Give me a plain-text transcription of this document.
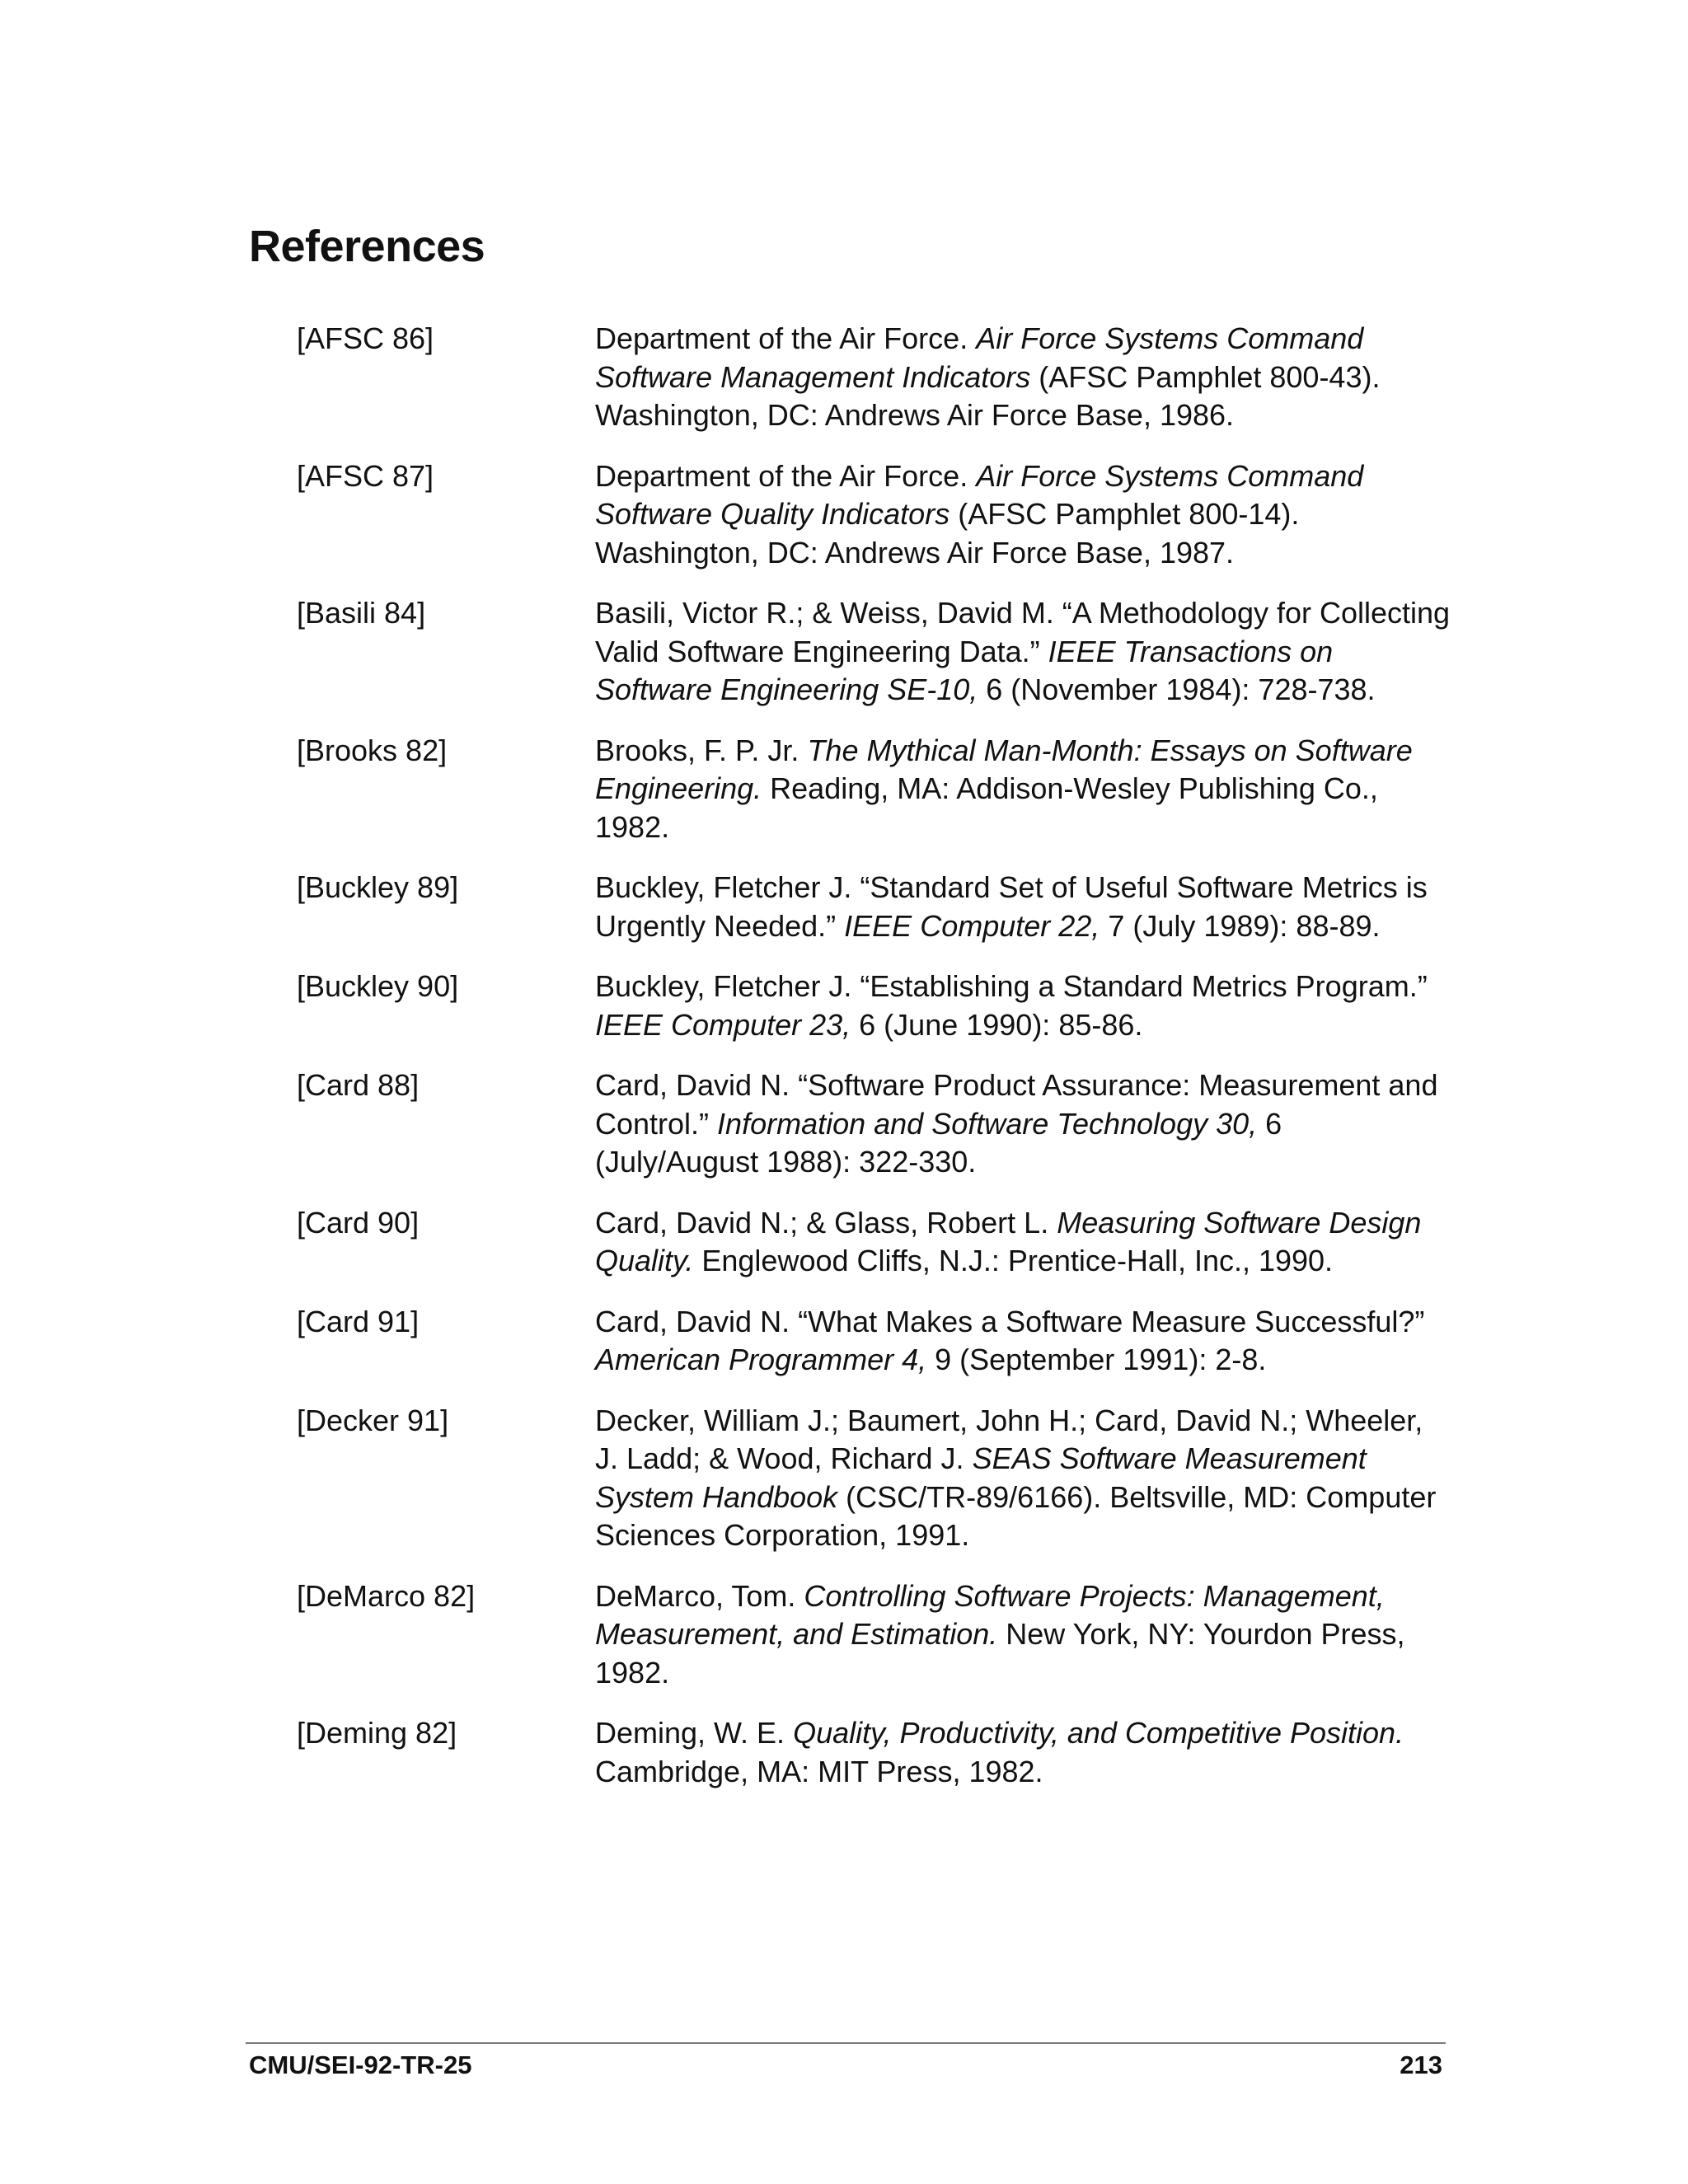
References
[AFSC 86]	Department of the Air Force. Air Force Systems Command Software Management Indicators (AFSC Pamphlet 800-43). Washington, DC: Andrews Air Force Base, 1986.
[AFSC 87]	Department of the Air Force. Air Force Systems Command Software Quality Indicators (AFSC Pamphlet 800-14). Washington, DC: Andrews Air Force Base, 1987.
[Basili 84]	Basili, Victor R.; & Weiss, David M. “A Methodology for Collecting Valid Software Engineering Data.” IEEE Transactions on Software Engineering SE-10, 6 (November 1984): 728-738.
[Brooks 82]	Brooks, F. P. Jr. The Mythical Man-Month: Essays on Software Engineering. Reading, MA: Addison-Wesley Publishing Co., 1982.
[Buckley 89]	Buckley, Fletcher J. “Standard Set of Useful Software Metrics is Urgently Needed.” IEEE Computer 22, 7 (July 1989): 88-89.
[Buckley 90]	Buckley, Fletcher J. “Establishing a Standard Metrics Program.” IEEE Computer 23, 6 (June 1990): 85-86.
[Card 88]	Card, David N. “Software Product Assurance: Measurement and Control.” Information and Software Technology 30, 6 (July/August 1988): 322-330.
[Card 90]	Card, David N.; & Glass, Robert L. Measuring Software Design Quality. Englewood Cliffs, N.J.: Prentice-Hall, Inc., 1990.
[Card 91]	Card, David N. “What Makes a Software Measure Successful?” American Programmer 4, 9 (September 1991): 2-8.
[Decker 91]	Decker, William J.; Baumert, John H.; Card, David N.; Wheeler, J. Ladd; & Wood, Richard J. SEAS Software Measurement System Handbook (CSC/TR-89/6166). Beltsville, MD: Computer Sciences Corporation, 1991.
[DeMarco 82]	DeMarco, Tom. Controlling Software Projects: Management, Measurement, and Estimation. New York, NY: Yourdon Press, 1982.
[Deming 82]	Deming, W. E. Quality, Productivity, and Competitive Position. Cambridge, MA: MIT Press, 1982.
CMU/SEI-92-TR-25	213
